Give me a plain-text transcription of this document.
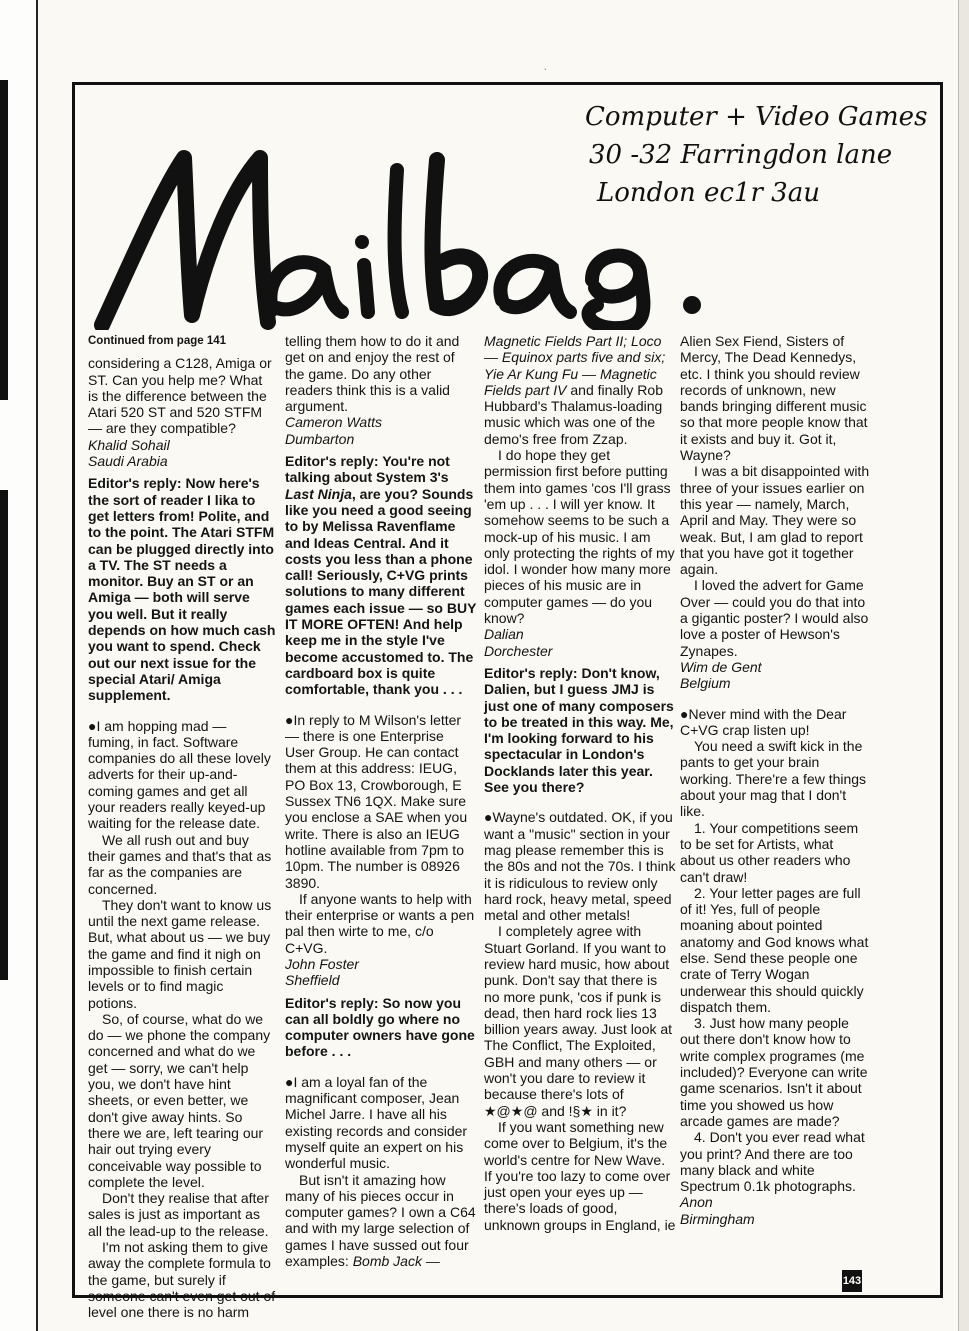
`
Computer + Video Games
30 -32 Farringdon lane
London ec1r 3au

Continued from page 141

considering a C128, Amiga or ST. Can you help me? What is the difference between the Atari 520 ST and 520 STFM — are they compatible?

Khalid Sohail

Saudi Arabia

Editor's reply: Now here's the sort of reader I lika to get letters from! Polite, and to the point. The Atari STFM can be plugged directly into a TV. The ST needs a monitor. Buy an ST or an Amiga — both will serve you well. But it really depends on how much cash you want to spend. Check out our next issue for the special Atari/ Amiga supplement.

● I am hopping mad — fuming, in fact. Software companies do all these lovely adverts for their up-and-coming games and get all your readers really keyed-up waiting for the release date.

We all rush out and buy their games and that's that as far as the companies are concerned.

They don't want to know us until the next game release. But, what about us — we buy the game and find it nigh on impossible to finish certain levels or to find magic potions.

So, of course, what do we do — we phone the company concerned and what do we get — sorry, we can't help you, we don't have hint sheets, or even better, we don't give away hints. So there we are, left tearing our hair out trying every conceivable way possible to complete the level.

Don't they realise that after sales is just as important as all the lead-up to the release.

I'm not asking them to give away the complete formula to the game, but surely if someone can't even get out of level one there is no harm

telling them how to do it and get on and enjoy the rest of the game. Do any other readers think this is a valid argument.

Cameron Watts

Dumbarton

Editor's reply: You're not talking about System 3's Last Ninja, are you? Sounds like you need a good seeing to by Melissa Ravenflame and Ideas Central. And it costs you less than a phone call! Seriously, C+VG prints solutions to many different games each issue — so BUY IT MORE OFTEN! And help keep me in the style I've become accustomed to. The cardboard box is quite comfortable, thank you . . .

● In reply to M Wilson's letter — there is one Enterprise User Group. He can contact them at this address: IEUG, PO Box 13, Crowborough, E Sussex TN6 1QX. Make sure you enclose a SAE when you write. There is also an IEUG hotline available from 7pm to 10pm. The number is 08926 3890.

If anyone wants to help with their enterprise or wants a pen pal then wirte to me, c/o C+VG.

John Foster

Sheffield

Editor's reply: So now you can all boldly go where no computer owners have gone before . . .

● I am a loyal fan of the magnificant composer, Jean Michel Jarre. I have all his existing records and consider myself quite an expert on his wonderful music.

But isn't it amazing how many of his pieces occur in computer games? I own a C64 and with my large selection of games I have sussed out four examples: Bomb Jack —

Magnetic Fields Part II; Loco — Equinox parts five and six; Yie Ar Kung Fu — Magnetic Fields part IV and finally Rob Hubbard's Thalamus-loading music which was one of the demo's free from Zzap.

I do hope they get permission first before putting them into games 'cos I'll grass 'em up . . . I will yer know. It somehow seems to be such a mock-up of his music. I am only protecting the rights of my idol. I wonder how many more pieces of his music are in computer games — do you know?

Dalian

Dorchester

Editor's reply: Don't know, Dalien, but I guess JMJ is just one of many composers to be treated in this way. Me, I'm looking forward to his spectacular in London's Docklands later this year. See you there?

● Wayne's outdated. OK, if you want a "music" section in your mag please remember this is the 80s and not the 70s. I think it is ridiculous to review only hard rock, heavy metal, speed metal and other metals!

I completely agree with Stuart Gorland. If you want to review hard music, how about punk. Don't say that there is no more punk, 'cos if punk is dead, then hard rock lies 13 billion years away. Just look at The Conflict, The Exploited, GBH and many others — or won't you dare to review it because there's lots of ★@★@ and !§★ in it?

If you want something new come over to Belgium, it's the world's centre for New Wave. If you're too lazy to come over just open your eyes up — there's loads of good, unknown groups in England, ie

Alien Sex Fiend, Sisters of Mercy, The Dead Kennedys, etc. I think you should review records of unknown, new bands bringing different music so that more people know that it exists and buy it. Got it, Wayne?

I was a bit disappointed with three of your issues earlier on this year — namely, March, April and May. They were so weak. But, I am glad to report that you have got it together again.

I loved the advert for Game Over — could you do that into a gigantic poster? I would also love a poster of Hewson's Zynapes.

Wim de Gent

Belgium

● Never mind with the Dear C+VG crap listen up!

You need a swift kick in the pants to get your brain working. There're a few things about your mag that I don't like.

1. Your competitions seem to be set for Artists, what about us other readers who can't draw!

2. Your letter pages are full of it! Yes, full of people moaning about pointed anatomy and God knows what else. Send these people one crate of Terry Wogan underwear this should quickly dispatch them.

3. Just how many people out there don't know how to write complex programes (me included)? Everyone can write game scenarios. Isn't it about time you showed us how arcade games are made?

4. Don't you ever read what you print? And there are too many black and white Spectrum 0.1k photographs.

Anon

Birmingham

143
